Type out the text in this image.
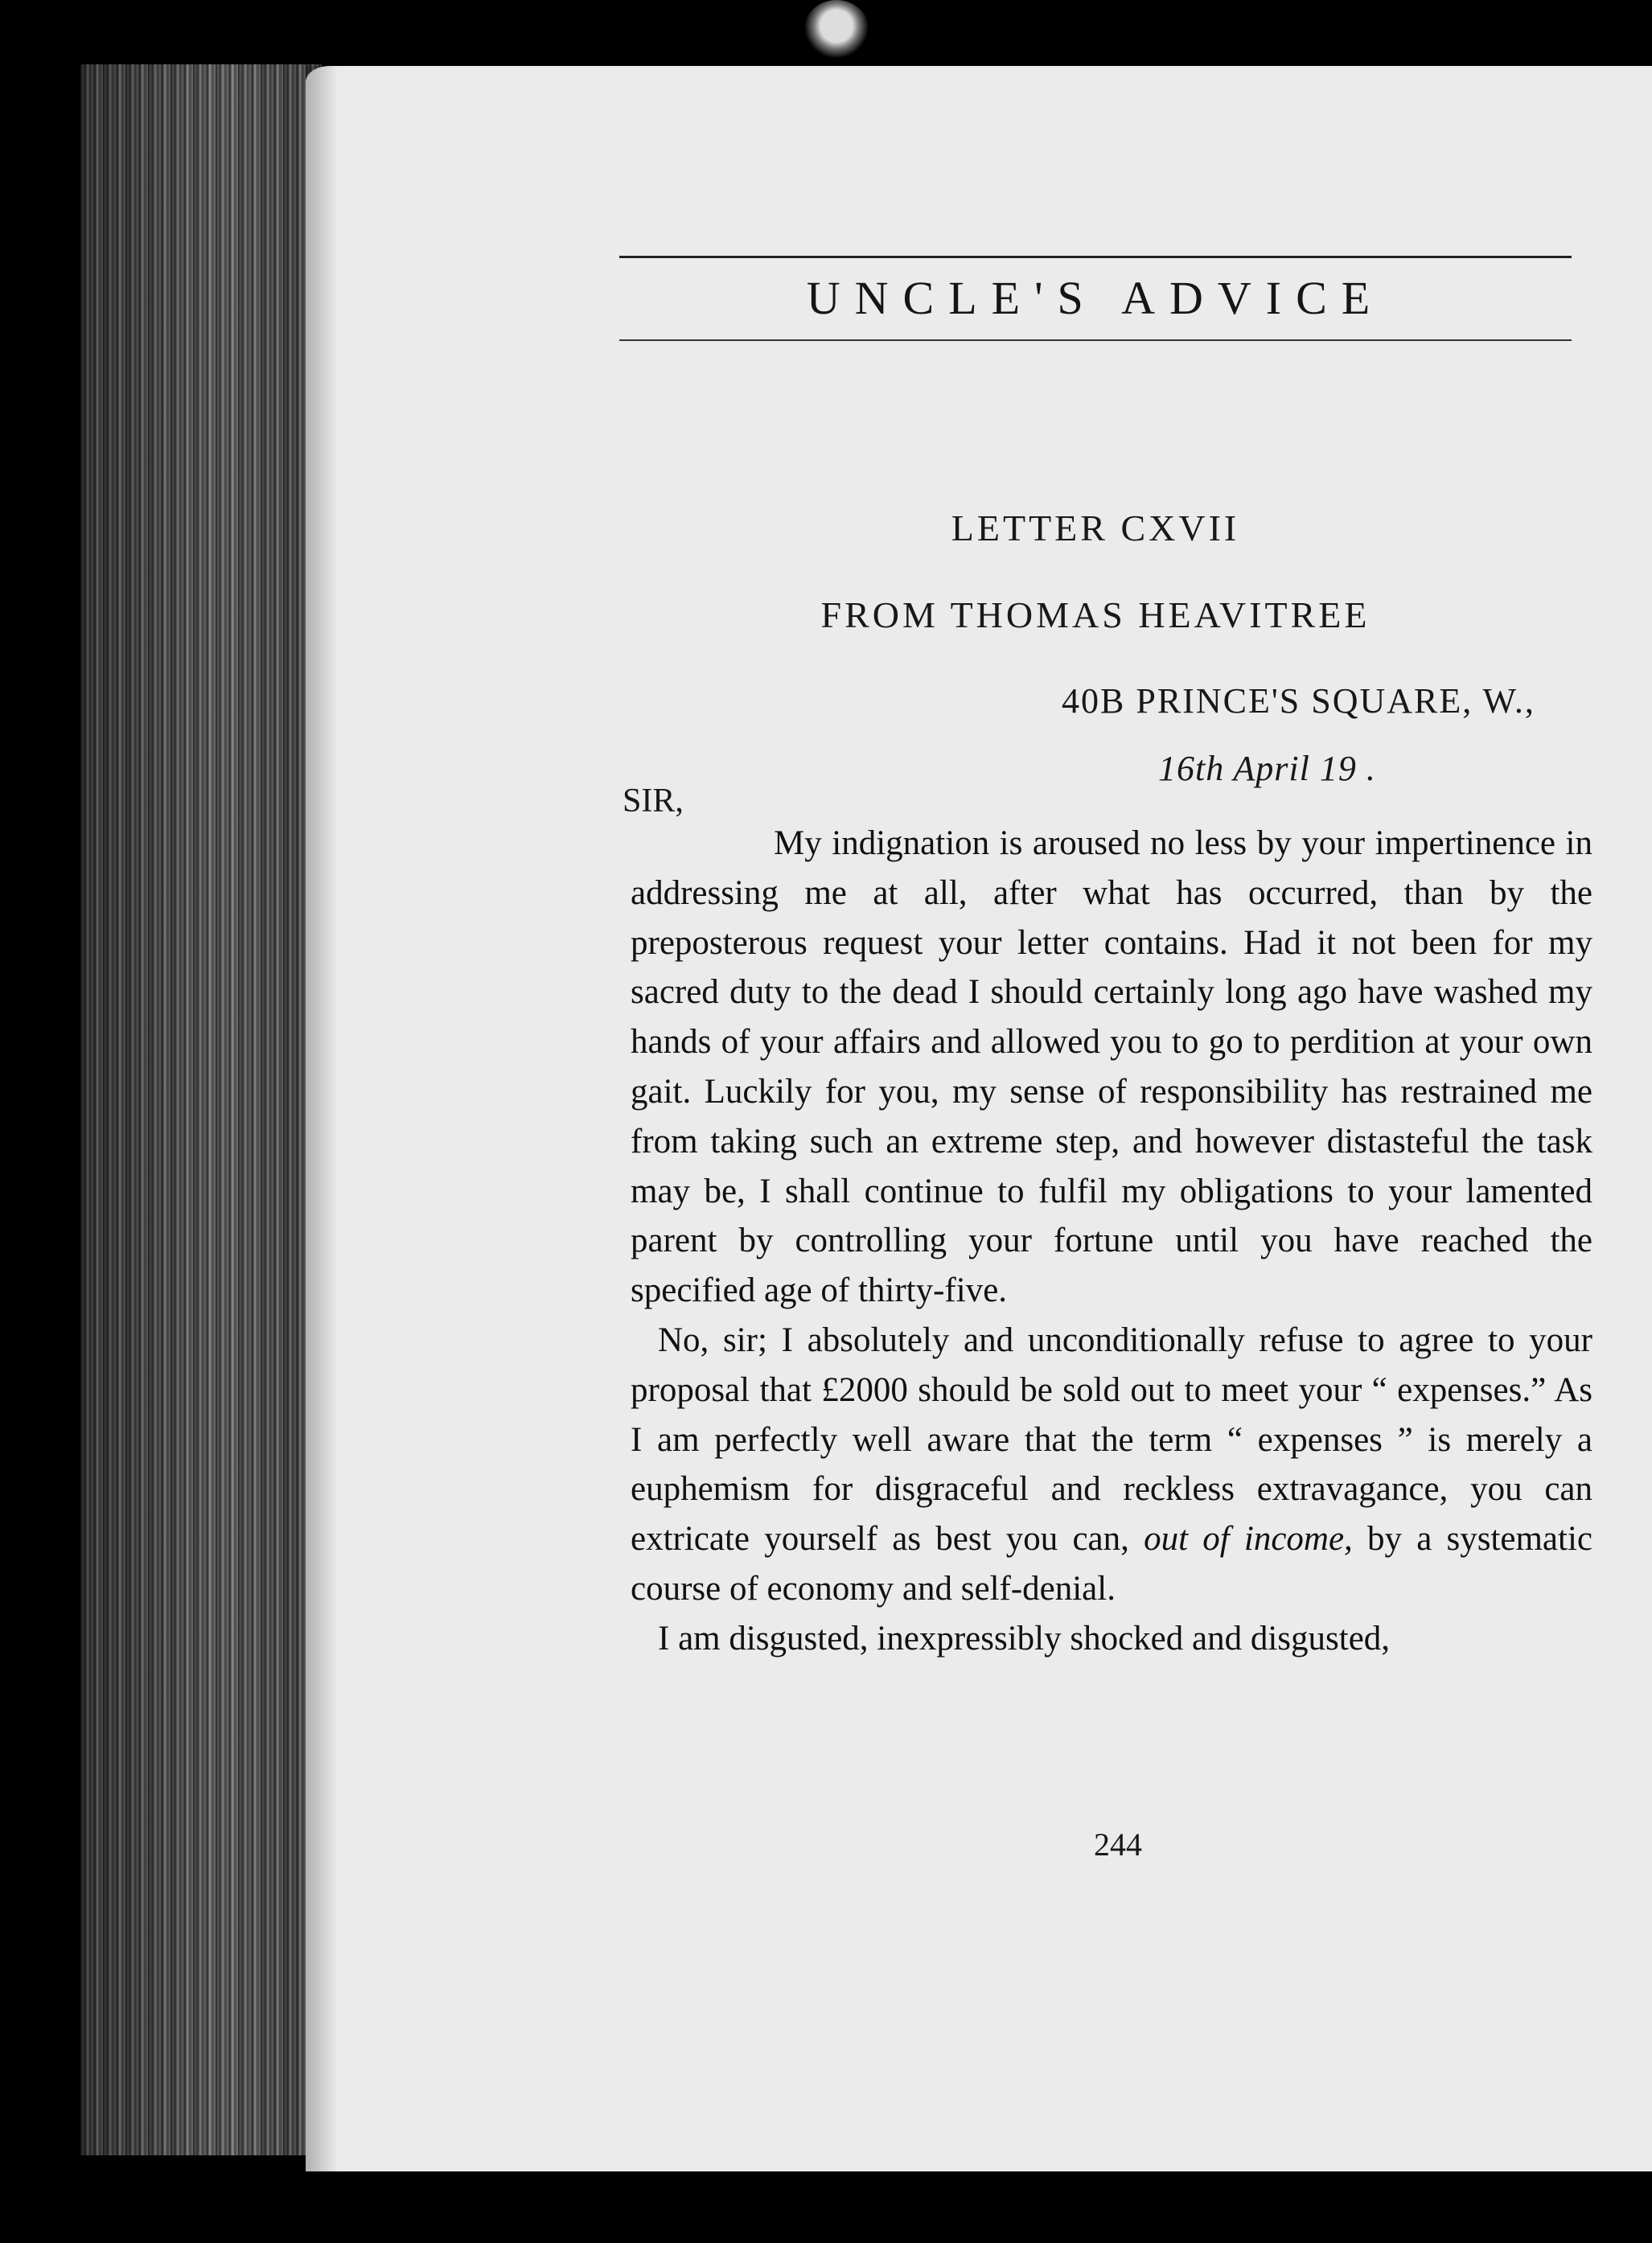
UNCLE'S ADVICE
LETTER CXVII
FROM THOMAS HEAVITREE
40B PRINCE'S SQUARE, W.,
16th April 19 .
SIR,

My indignation is aroused no less by your impertinence in addressing me at all, after what has occurred, than by the preposterous request your letter contains. Had it not been for my sacred duty to the dead I should certainly long ago have washed my hands of your affairs and allowed you to go to perdition at your own gait. Luckily for you, my sense of responsibility has restrained me from taking such an extreme step, and however distasteful the task may be, I shall continue to fulfil my obligations to your lamented parent by controlling your fortune until you have reached the specified age of thirty-five.

No, sir; I absolutely and unconditionally refuse to agree to your proposal that £2000 should be sold out to meet your “ expenses.” As I am perfectly well aware that the term “ expenses ” is merely a euphemism for disgraceful and reckless extravagance, you can extricate yourself as best you can, out of income, by a systematic course of economy and self-denial.

I am disgusted, inexpressibly shocked and disgusted,

244
